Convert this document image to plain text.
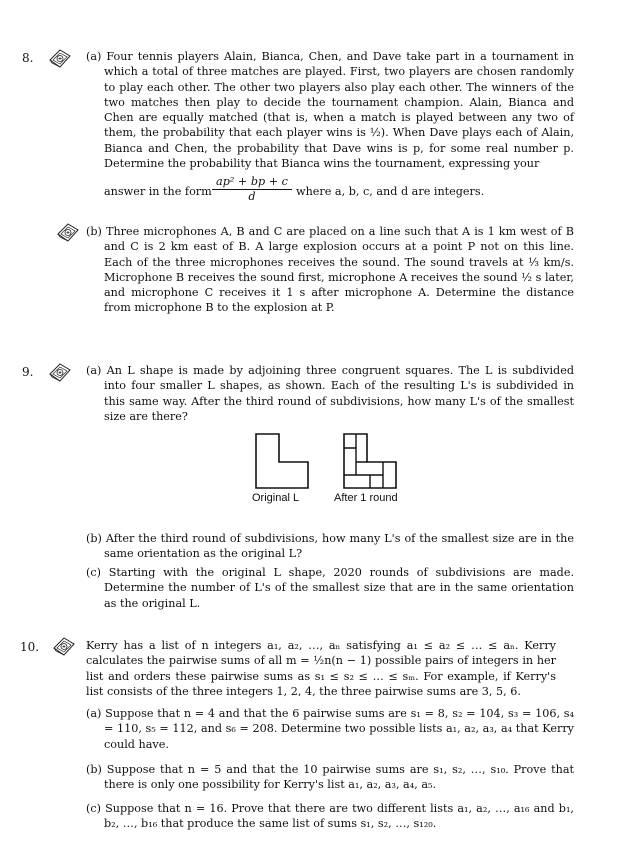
8.	(a) Four tennis players Alain, Bianca, Chen, and Dave take part in a tournament in which a total of three matches are played. First, two players are chosen randomly to play each other. The other two players also play each other. The winners of the two matches then play to decide the tournament champion. Alain, Bianca and Chen are equally matched (that is, when a match is played between any two of them, the probability that each player wins is ½). When Dave plays each of Alain, Bianca and Chen, the probability that Dave wins is p, for some real number p. Determine the probability that Bianca wins the tournament, expressing your
answer in the form $\frac{\text{ap² + bp + c}}{d}$ where a, b, c, and d are integers.
(b) Three microphones A, B and C are placed on a line such that A is 1 km west of B and C is 2 km east of B. A large explosion occurs at a point P not on this line. Each of the three microphones receives the sound. The sound travels at ⅓ km/s. Microphone B receives the sound first, microphone A receives the sound ½ s later, and microphone C receives it 1 s after microphone A. Determine the distance from microphone B to the explosion at P.
9.	(a) An L shape is made by adjoining three congruent squares. The L is subdivided into four smaller L shapes, as shown. Each of the resulting L's is subdivided in this same way. After the third round of subdivisions, how many L's of the smallest size are there?
Original L	After 1 round
(b) After the third round of subdivisions, how many L's of the smallest size are in the same orientation as the original L?
(c) Starting with the original L shape, 2020 rounds of subdivisions are made. Determine the number of L's of the smallest size that are in the same orientation as the original L.
10.	Kerry has a list of n integers a₁, a₂, …, aₙ satisfying a₁ ≤ a₂ ≤ … ≤ aₙ. Kerry calculates the pairwise sums of all m = ½n(n − 1) possible pairs of integers in her list and orders these pairwise sums as s₁ ≤ s₂ ≤ … ≤ sₘ. For example, if Kerry's list consists of the three integers 1, 2, 4, the three pairwise sums are 3, 5, 6.
(a) Suppose that n = 4 and that the 6 pairwise sums are s₁ = 8, s₂ = 104, s₃ = 106, s₄ = 110, s₅ = 112, and s₆ = 208. Determine two possible lists a₁, a₂, a₃, a₄ that Kerry could have.
(b) Suppose that n = 5 and that the 10 pairwise sums are s₁, s₂, …, s₁₀. Prove that there is only one possibility for Kerry's list a₁, a₂, a₃, a₄, a₅.
(c) Suppose that n = 16. Prove that there are two different lists a₁, a₂, …, a₁₆ and b₁, b₂, …, b₁₆ that produce the same list of sums s₁, s₂, …, s₁₂₀.
